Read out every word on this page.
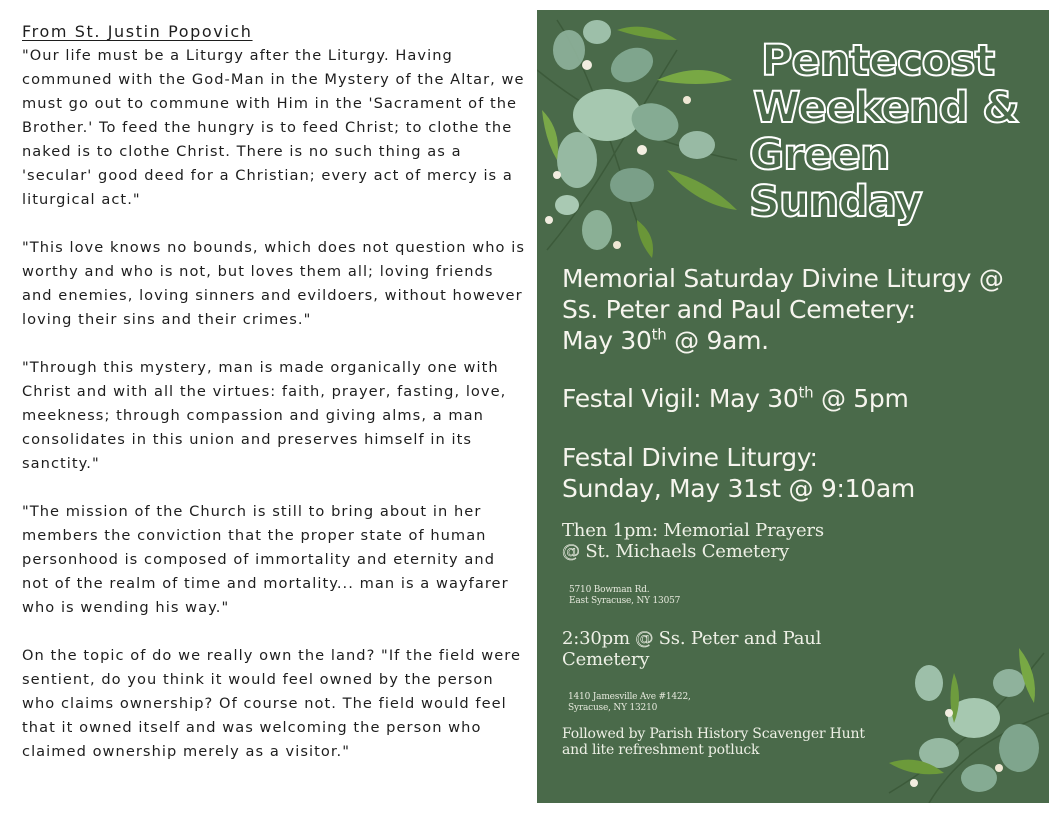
From St. Justin Popovich

"Our life must be a Liturgy after the Liturgy. Having communed with the God-Man in the Mystery of the Altar, we must go out to commune with Him in the 'Sacrament of the Brother.' To feed the hungry is to feed Christ; to clothe the naked is to clothe Christ. There is no such thing as a 'secular' good deed for a Christian; every act of mercy is a liturgical act."

"This love knows no bounds, which does not question who is worthy and who is not, but loves them all; loving friends and enemies, loving sinners and evildoers, without however loving their sins and their crimes."

"Through this mystery, man is made organically one with Christ and with all the virtues: faith, prayer, fasting, love, meekness; through compassion and giving alms, a man consolidates in this union and preserves himself in its sanctity."

"The mission of the Church is still to bring about in her members the conviction that the proper state of human personhood is composed of immortality and eternity and not of the realm of time and mortality... man is a wayfarer who is wending his way."

On the topic of do we really own the land? "If the field were sentient, do you think it would feel owned by the person who claims ownership? Of course not. The field would feel that it owned itself and was welcoming the person who claimed ownership merely as a visitor."

Pentecost
Weekend &
Green
Sunday
Memorial Saturday Divine Liturgy @
Ss. Peter and Paul Cemetery:
May 30th @ 9am.
Festal Vigil: May 30th @ 5pm
Festal Divine Liturgy:
Sunday, May 31st @ 9:10am
Then 1pm: Memorial Prayers
@ St. Michaels Cemetery
5710 Bowman Rd.
East Syracuse, NY 13057
2:30pm @ Ss. Peter and Paul
Cemetery
1410 Jamesville Ave #1422,
Syracuse, NY 13210
Followed by Parish History Scavenger Hunt
and lite refreshment potluck
